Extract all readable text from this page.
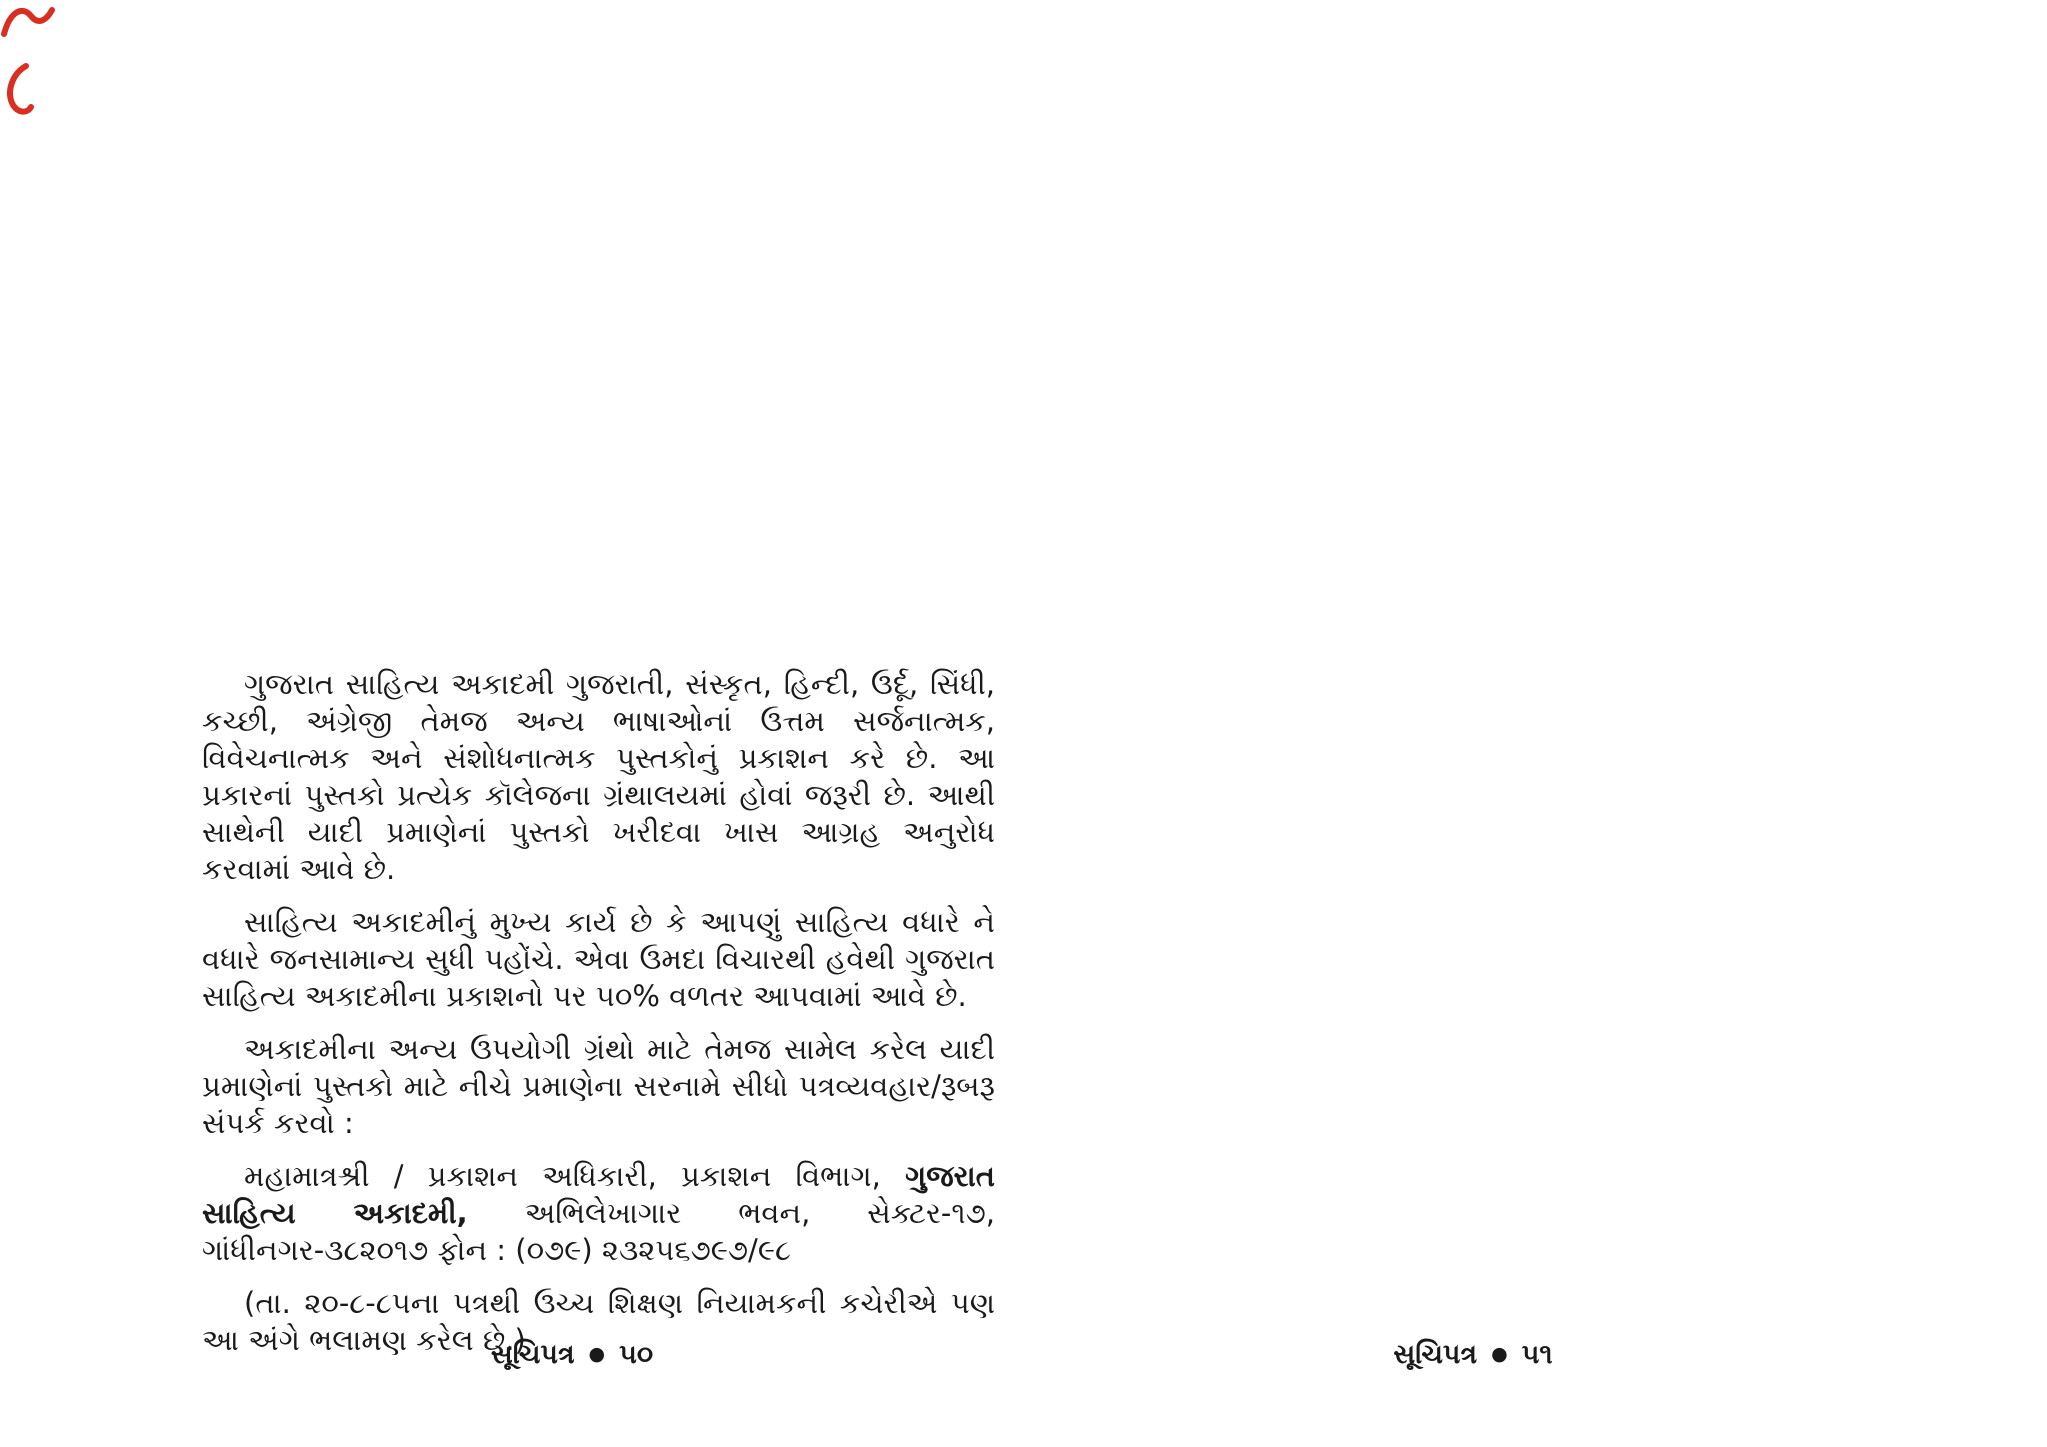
ગુજરાત સાહિત્ય અકાદમી ગુજરાતી, સંસ્કૃત, હિન્દી, ઉર્દૂ, સિંધી, કચ્છી, અંગ્રેજી તેમજ અન્ય ભાષાઓનાં ઉત્તમ સર્જનાત્મક, વિવેચનાત્મક અને સંશોધનાત્મક પુસ્તકોનું પ્રકાશન કરે છે. આ પ્રકારનાં પુસ્તકો પ્રત્યેક કૉલેજના ગ્રંથાલયમાં હોવાં જરૂરી છે. આથી સાથેની યાદી પ્રમાણેનાં પુસ્તકો ખરીદવા ખાસ આગ્રહ અનુરોધ કરવામાં આવે છે.

સાહિત્ય અકાદમીનું મુખ્ય કાર્ય છે કે આપણું સાહિત્ય વધારે ને વધારે જનસામાન્ય સુધી પહોંચે. એવા ઉમદા વિચારથી હવેથી ગુજરાત સાહિત્ય અકાદમીના પ્રકાશનો પર ૫૦% વળતર આપવામાં આવે છે.

અકાદમીના અન્ય ઉપયોગી ગ્રંથો માટે તેમજ સામેલ કરેલ યાદી પ્રમાણેનાં પુસ્તકો માટે નીચે પ્રમાણેના સરનામે સીધો પત્રવ્યવહાર/રૂબરૂ સંપર્ક કરવો :

મહામાત્રશ્રી / પ્રકાશન અધિકારી, પ્રકાશન વિભાગ, ગુજરાત સાહિત્ય અકાદમી, અભિલેખાગાર ભવન, સેક્ટર-૧૭, ગાંધીનગર-૩૮૨૦૧૭ ફોન : (૦૭૯) ૨૩૨૫૬૭૯૭/૯૮

(તા. ૨૦-૮-૮૫ના પત્રથી ઉચ્ચ શિક્ષણ નિયામકની કચેરીએ પણ આ અંગે ભલામણ કરેલ છે.)

સૂચિપત્ર ● ૫૦	સૂચિપત્ર ● ૫૧
